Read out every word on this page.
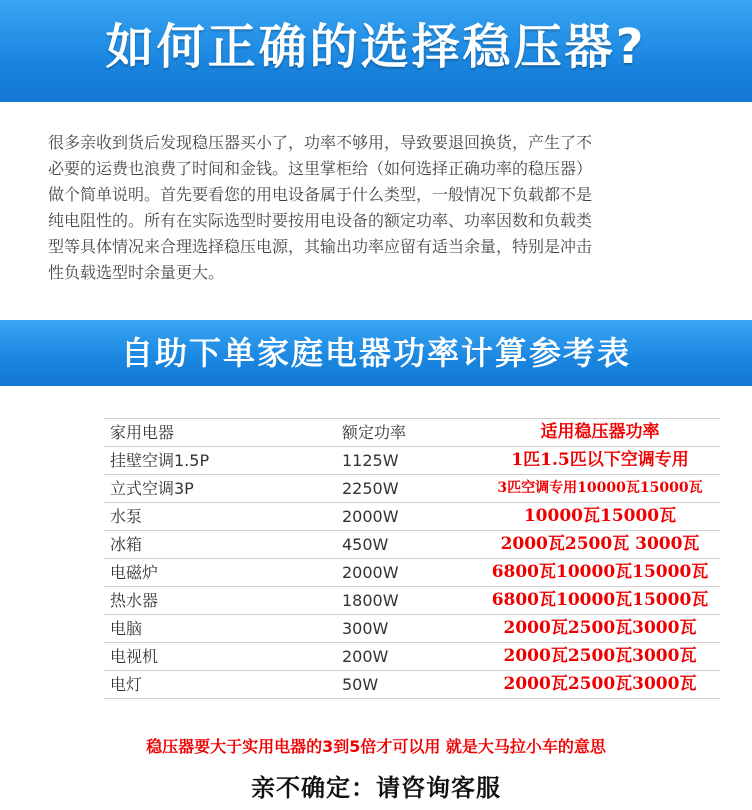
如何正确的选择稳压器?
很多亲收到货后发现稳压器买小了，功率不够用，导致要退回换货，产生了不
必要的运费也浪费了时间和金钱。这里掌柜给（如何选择正确功率的稳压器）
做个简单说明。首先要看您的用电设备属于什么类型，一般情况下负载都不是
纯电阻性的。所有在实际选型时要按用电设备的额定功率、功率因数和负载类
型等具体情况来合理选择稳压电源，其输出功率应留有适当余量，特别是冲击
性负载选型时余量更大。
自助下单家庭电器功率计算参考表
家用电器	额定功率	适用稳压器功率
挂壁空调1.5P	1125W	1匹1.5匹以下空调专用
立式空调3P	2250W	3匹空调专用10000瓦15000瓦
水泵	2000W	10000瓦15000瓦
冰箱	450W	2000瓦2500瓦 3000瓦
电磁炉	2000W	6800瓦10000瓦15000瓦
热水器	1800W	6800瓦10000瓦15000瓦
电脑	300W	2000瓦2500瓦3000瓦
电视机	200W	2000瓦2500瓦3000瓦
电灯	50W	2000瓦2500瓦3000瓦
稳压器要大于实用电器的3到5倍才可以用 就是大马拉小车的意思
亲不确定：请咨询客服
